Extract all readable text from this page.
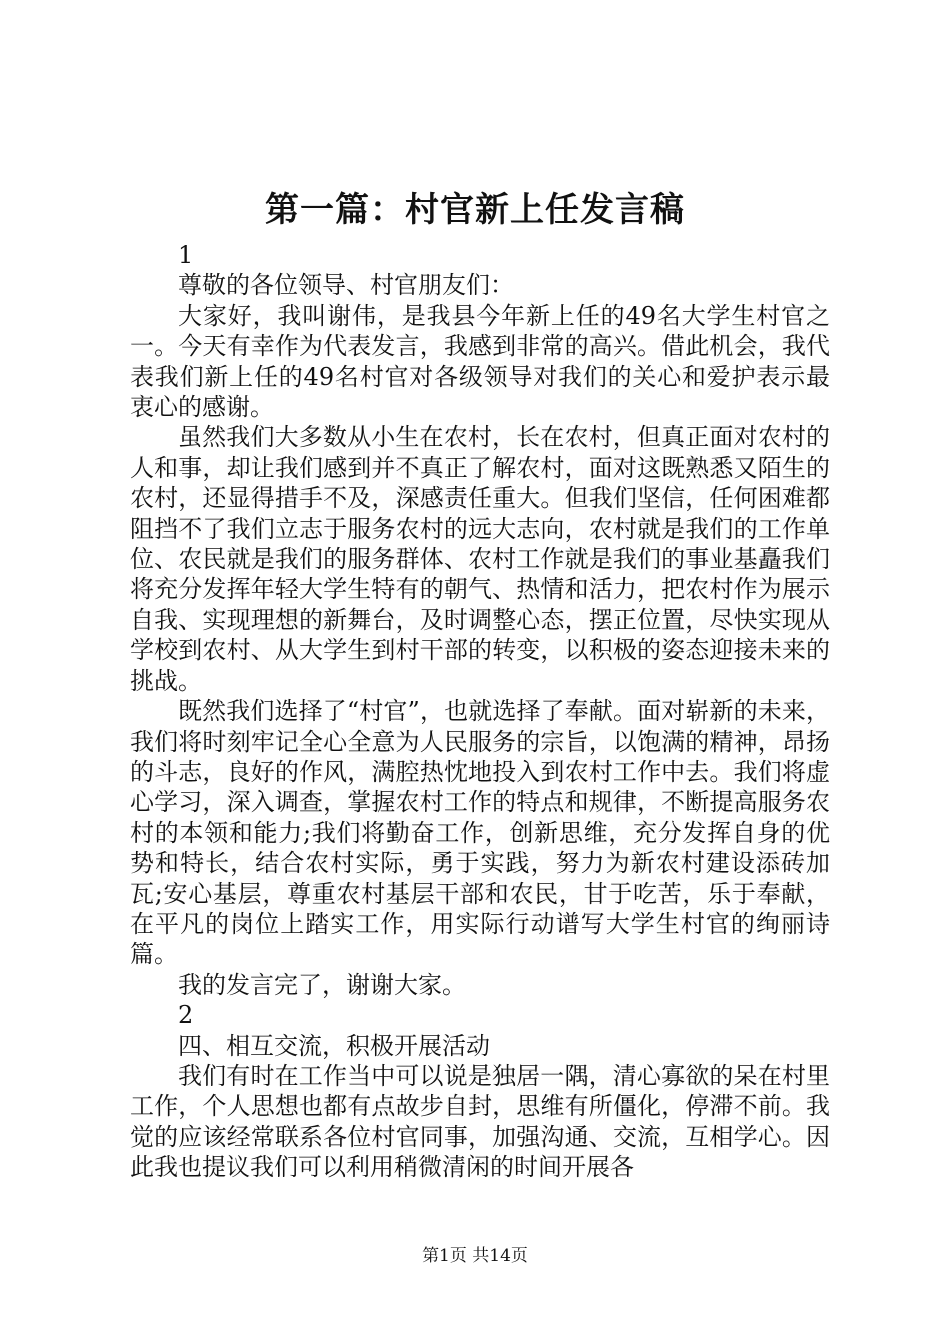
第一篇：村官新上任发言稿

1

尊敬的各位领导、村官朋友们：

大家好，我叫谢伟，是我县今年新上任的49名大学生村官之一。今天有幸作为代表发言，我感到非常的高兴。借此机会，我代表我们新上任的49名村官对各级领导对我们的关心和爱护表示最衷心的感谢。

虽然我们大多数从小生在农村，长在农村，但真正面对农村的人和事，却让我们感到并不真正了解农村，面对这既熟悉又陌生的农村，还显得措手不及，深感责任重大。但我们坚信，任何困难都阻挡不了我们立志于服务农村的远大志向，农村就是我们的工作单位、农民就是我们的服务群体、农村工作就是我们的事业基矗我们将充分发挥年轻大学生特有的朝气、热情和活力，把农村作为展示自我、实现理想的新舞台，及时调整心态，摆正位置，尽快实现从学校到农村、从大学生到村干部的转变，以积极的姿态迎接未来的挑战。

既然我们选择了“村官”，也就选择了奉献。面对崭新的未来，我们将时刻牢记全心全意为人民服务的宗旨，以饱满的精神，昂扬的斗志，良好的作风，满腔热忱地投入到农村工作中去。我们将虚心学习，深入调查，掌握农村工作的特点和规律，不断提高服务农村的本领和能力;我们将勤奋工作，创新思维，充分发挥自身的优势和特长，结合农村实际，勇于实践，努力为新农村建设添砖加瓦;安心基层，尊重农村基层干部和农民，甘于吃苦，乐于奉献，在平凡的岗位上踏实工作，用实际行动谱写大学生村官的绚丽诗篇。

我的发言完了，谢谢大家。

2

四、相互交流，积极开展活动

我们有时在工作当中可以说是独居一隅，清心寡欲的呆在村里工作，个人思想也都有点故步自封，思维有所僵化，停滞不前。我觉的应该经常联系各位村官同事，加强沟通、交流，互相学心。因此我也提议我们可以利用稍微清闲的时间开展各

第1页 共14页
